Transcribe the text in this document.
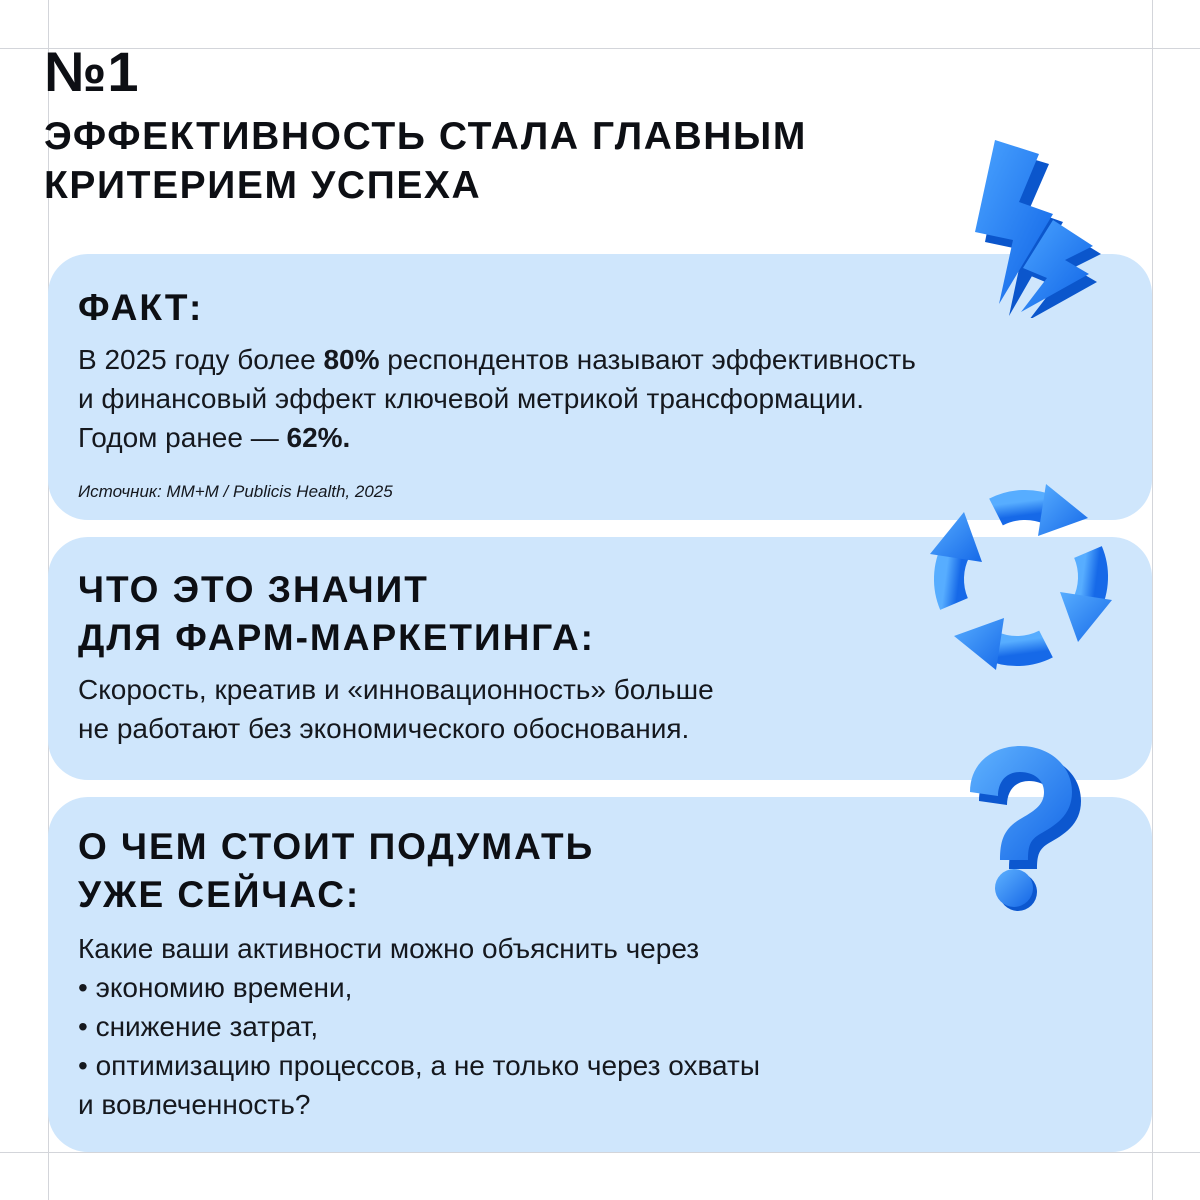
№1
ЭФФЕКТИВНОСТЬ СТАЛА ГЛАВНЫМ
КРИТЕРИЕМ УСПЕХА
ФАКТ:
В 2025 году более 80% респондентов называют эффективность
и финансовый эффект ключевой метрикой трансформации.
Годом ранее — 62%.
Источник: MM+M / Publicis Health, 2025
ЧТО ЭТО ЗНАЧИТ
ДЛЯ ФАРМ-МАРКЕТИНГА:
Скорость, креатив и «инновационность» больше
не работают без экономического обоснования.
О ЧЕМ СТОИТ ПОДУМАТЬ
УЖЕ СЕЙЧАС:
Какие ваши активности можно объяснить через
• экономию времени,
• снижение затрат,
• оптимизацию процессов, а не только через охваты
и вовлеченность?
